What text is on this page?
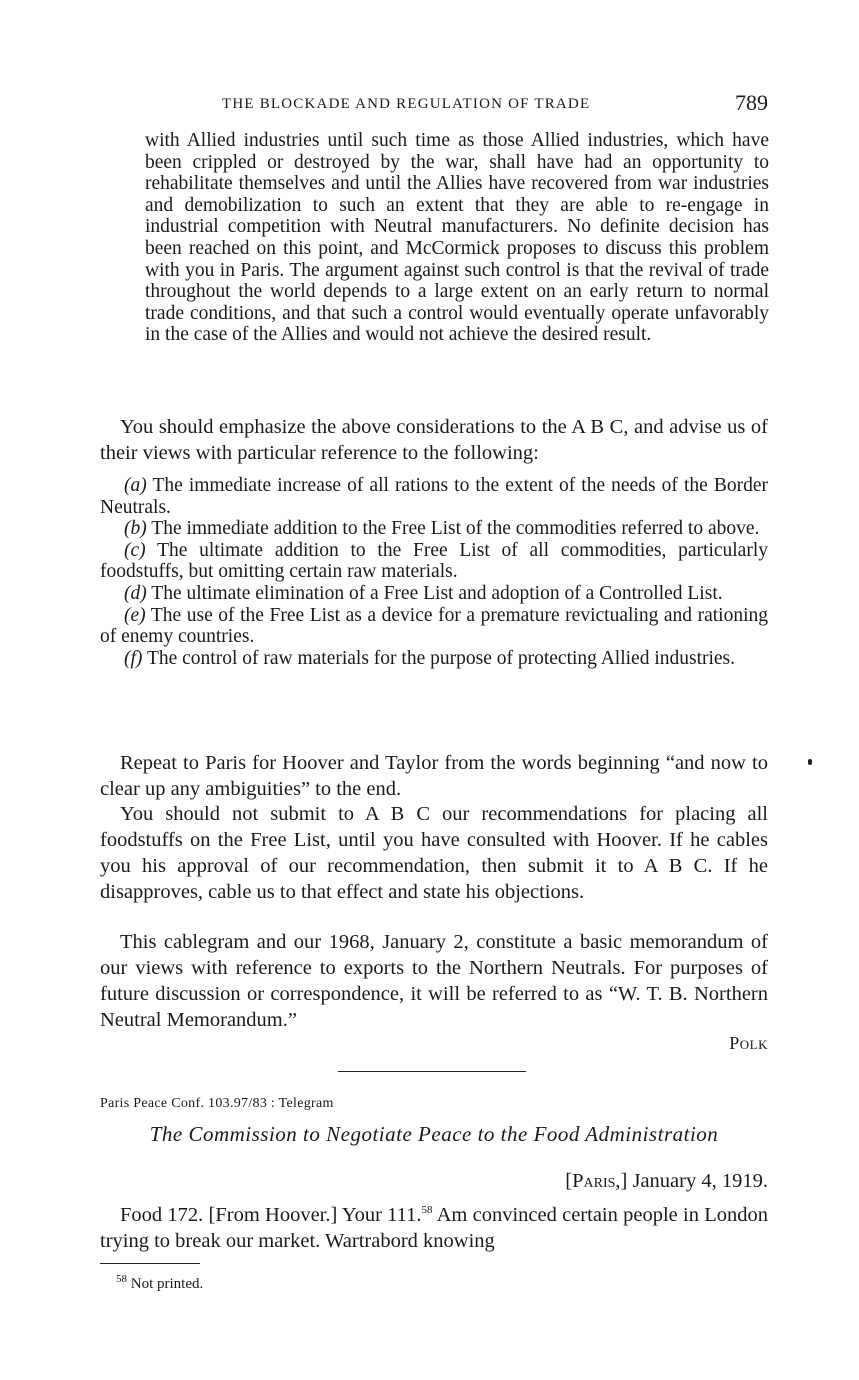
THE BLOCKADE AND REGULATION OF TRADE	789

with Allied industries until such time as those Allied industries, which have been crippled or destroyed by the war, shall have had an opportunity to rehabilitate themselves and until the Allies have recovered from war industries and demobilization to such an extent that they are able to re-engage in industrial competition with Neutral manufacturers. No definite decision has been reached on this point, and McCormick proposes to discuss this problem with you in Paris. The argument against such control is that the revival of trade throughout the world depends to a large extent on an early return to normal trade conditions, and that such a control would eventually operate unfavorably in the case of the Allies and would not achieve the desired result.

You should emphasize the above considerations to the A B C, and advise us of their views with particular reference to the following:

(a) The immediate increase of all rations to the extent of the needs of the Border Neutrals.
(b) The immediate addition to the Free List of the commodities referred to above.
(c) The ultimate addition to the Free List of all commodities, particularly foodstuffs, but omitting certain raw materials.
(d) The ultimate elimination of a Free List and adoption of a Controlled List.
(e) The use of the Free List as a device for a premature revictualing and rationing of enemy countries.
(f) The control of raw materials for the purpose of protecting Allied industries.

Repeat to Paris for Hoover and Taylor from the words beginning “and now to clear up any ambiguities” to the end.

You should not submit to A B C our recommendations for placing all foodstuffs on the Free List, until you have consulted with Hoover. If he cables you his approval of our recommendation, then submit it to A B C. If he disapproves, cable us to that effect and state his objections.

This cablegram and our 1968, January 2, constitute a basic memorandum of our views with reference to exports to the Northern Neutrals. For purposes of future discussion or correspondence, it will be referred to as “W. T. B. Northern Neutral Memorandum.”

Polk
Paris Peace Conf. 103.97/83 : Telegram
The Commission to Negotiate Peace to the Food Administration
[Paris,] January 4, 1919.

Food 172. [From Hoover.] Your 111.58 Am convinced certain people in London trying to break our market. Wartrabord knowing

$^{58}$ Not printed.
